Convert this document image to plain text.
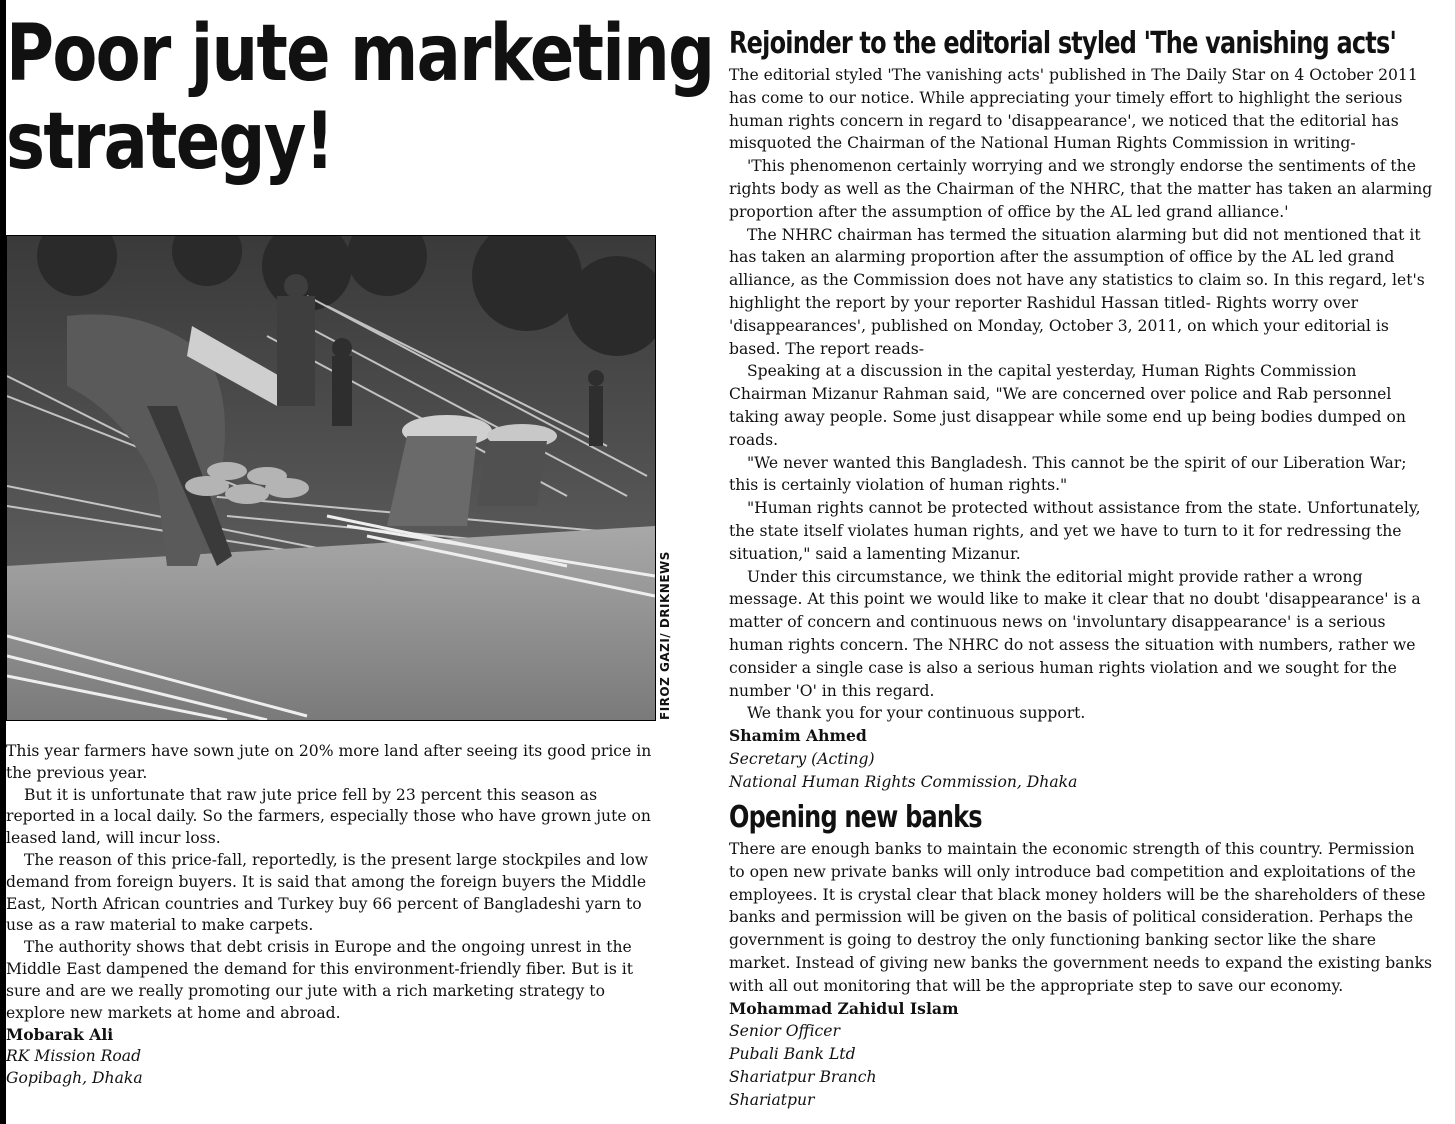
Poor jute marketing
strategy!
FIROZ GAZI/ DRIKNEWS

This year farmers have sown jute on 20% more land after seeing its good price in the previous year.

But it is unfortunate that raw jute price fell by 23 percent this season as reported in a local daily. So the farmers, especially those who have grown jute on leased land, will incur loss.

The reason of this price-fall, reportedly, is the present large stockpiles and low demand from foreign buyers. It is said that among the foreign buyers the Middle East, North African countries and Turkey buy 66 percent of Bangladeshi yarn to use as a raw material to make carpets.

The authority shows that debt crisis in Europe and the ongoing unrest in the Middle East dampened the demand for this environment-friendly fiber. But is it sure and are we really promoting our jute with a rich marketing strategy to explore new markets at home and abroad.

Mobarak Ali

RK Mission Road

Gopibagh, Dhaka

Rejoinder to the editorial styled 'The vanishing acts'

The editorial styled 'The vanishing acts' published in The Daily Star on 4 October 2011 has come to our notice. While appreciating your timely effort to highlight the serious human rights concern in regard to 'disappearance', we noticed that the editorial has misquoted the Chairman of the National Human Rights Commission in writing-

'This phenomenon certainly worrying and we strongly endorse the sentiments of the rights body as well as the Chairman of the NHRC, that the matter has taken an alarming proportion after the assumption of office by the AL led grand alliance.'

The NHRC chairman has termed the situation alarming but did not mentioned that it has taken an alarming proportion after the assumption of office by the AL led grand alliance, as the Commission does not have any statistics to claim so. In this regard, let's highlight the report by your reporter Rashidul Hassan titled- Rights worry over 'disappearances', published on Monday, October 3, 2011, on which your editorial is based. The report reads-

Speaking at a discussion in the capital yesterday, Human Rights Commission Chairman Mizanur Rahman said, "We are concerned over police and Rab personnel taking away people. Some just disappear while some end up being bodies dumped on roads.

"We never wanted this Bangladesh. This cannot be the spirit of our Liberation War; this is certainly violation of human rights."

"Human rights cannot be protected without assistance from the state. Unfortunately, the state itself violates human rights, and yet we have to turn to it for redressing the situation," said a lamenting Mizanur.

Under this circumstance, we think the editorial might provide rather a wrong message. At this point we would like to make it clear that no doubt 'disappearance' is a matter of concern and continuous news on 'involuntary disappearance' is a serious human rights concern. The NHRC do not assess the situation with numbers, rather we consider a single case is also a serious human rights violation and we sought for the number 'O' in this regard.

We thank you for your continuous support.

Shamim Ahmed

Secretary (Acting)

National Human Rights Commission, Dhaka

Opening new banks

There are enough banks to maintain the economic strength of this country. Permission to open new private banks will only introduce bad competition and exploitations of the employees. It is crystal clear that black money holders will be the shareholders of these banks and permission will be given on the basis of political consideration. Perhaps the government is going to destroy the only functioning banking sector like the share market. Instead of giving new banks the government needs to expand the existing banks with all out monitoring that will be the appropriate step to save our economy.

Mohammad Zahidul Islam

Senior Officer

Pubali Bank Ltd

Shariatpur Branch

Shariatpur
